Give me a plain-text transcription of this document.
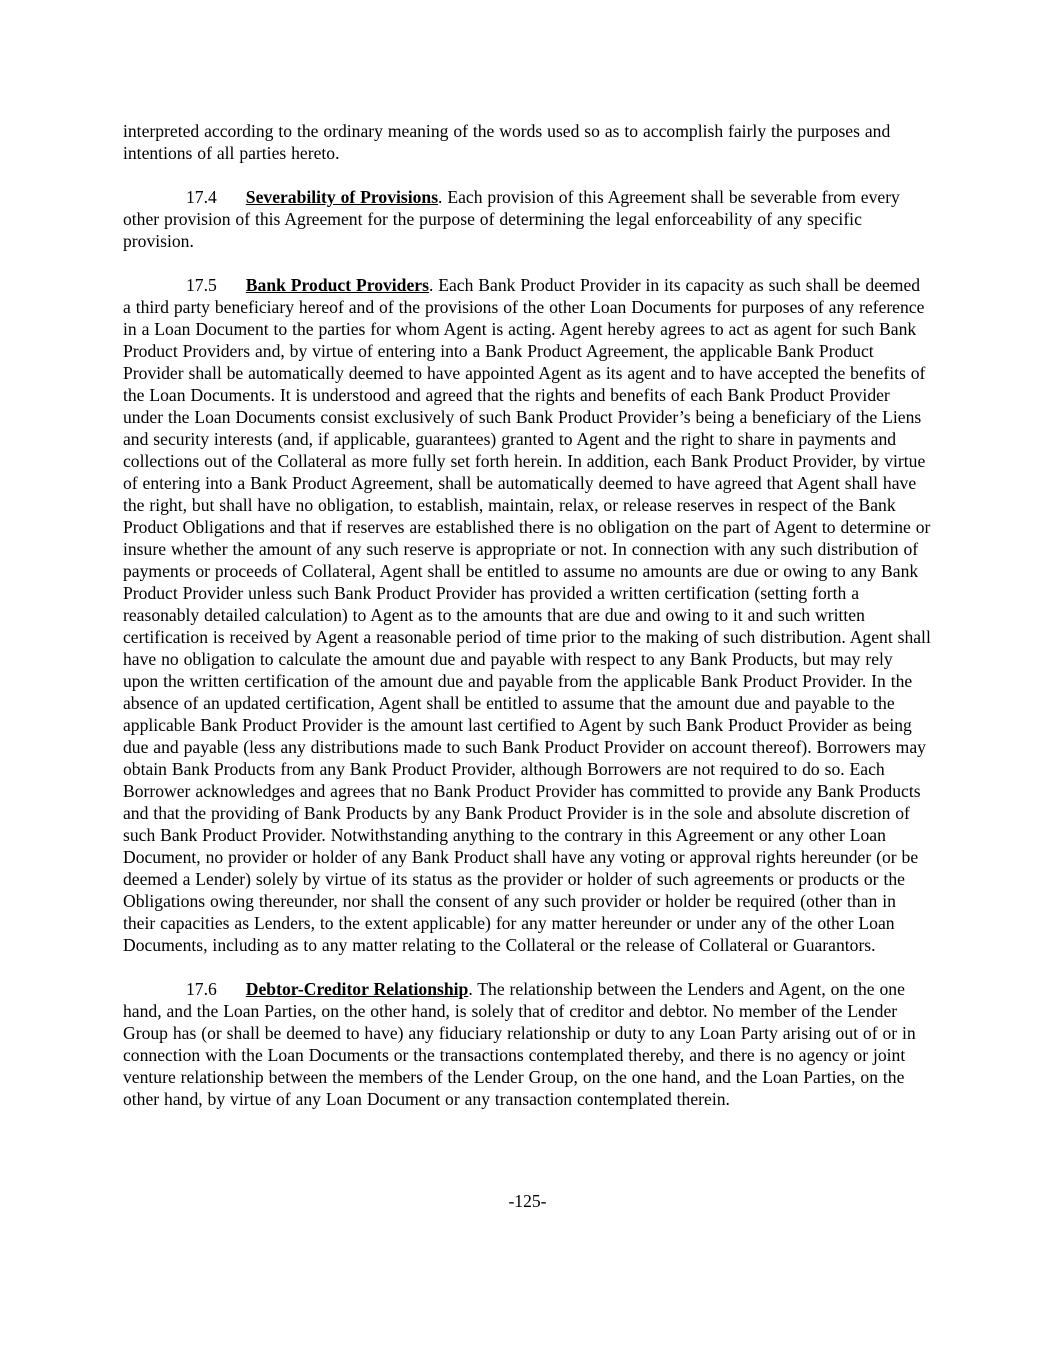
interpreted according to the ordinary meaning of the words used so as to accomplish fairly the purposes and intentions of all parties hereto.

17.4 Severability of Provisions. Each provision of this Agreement shall be severable from every other provision of this Agreement for the purpose of determining the legal enforceability of any specific provision.

17.5 Bank Product Providers. Each Bank Product Provider in its capacity as such shall be deemed a third party beneficiary hereof and of the provisions of the other Loan Documents for purposes of any reference in a Loan Document to the parties for whom Agent is acting. Agent hereby agrees to act as agent for such Bank Product Providers and, by virtue of entering into a Bank Product Agreement, the applicable Bank Product Provider shall be automatically deemed to have appointed Agent as its agent and to have accepted the benefits of the Loan Documents. It is understood and agreed that the rights and benefits of each Bank Product Provider under the Loan Documents consist exclusively of such Bank Product Provider’s being a beneficiary of the Liens and security interests (and, if applicable, guarantees) granted to Agent and the right to share in payments and collections out of the Collateral as more fully set forth herein. In addition, each Bank Product Provider, by virtue of entering into a Bank Product Agreement, shall be automatically deemed to have agreed that Agent shall have the right, but shall have no obligation, to establish, maintain, relax, or release reserves in respect of the Bank Product Obligations and that if reserves are established there is no obligation on the part of Agent to determine or insure whether the amount of any such reserve is appropriate or not. In connection with any such distribution of payments or proceeds of Collateral, Agent shall be entitled to assume no amounts are due or owing to any Bank Product Provider unless such Bank Product Provider has provided a written certification (setting forth a reasonably detailed calculation) to Agent as to the amounts that are due and owing to it and such written certification is received by Agent a reasonable period of time prior to the making of such distribution. Agent shall have no obligation to calculate the amount due and payable with respect to any Bank Products, but may rely upon the written certification of the amount due and payable from the applicable Bank Product Provider. In the absence of an updated certification, Agent shall be entitled to assume that the amount due and payable to the applicable Bank Product Provider is the amount last certified to Agent by such Bank Product Provider as being due and payable (less any distributions made to such Bank Product Provider on account thereof). Borrowers may obtain Bank Products from any Bank Product Provider, although Borrowers are not required to do so. Each Borrower acknowledges and agrees that no Bank Product Provider has committed to provide any Bank Products and that the providing of Bank Products by any Bank Product Provider is in the sole and absolute discretion of such Bank Product Provider. Notwithstanding anything to the contrary in this Agreement or any other Loan Document, no provider or holder of any Bank Product shall have any voting or approval rights hereunder (or be deemed a Lender) solely by virtue of its status as the provider or holder of such agreements or products or the Obligations owing thereunder, nor shall the consent of any such provider or holder be required (other than in their capacities as Lenders, to the extent applicable) for any matter hereunder or under any of the other Loan Documents, including as to any matter relating to the Collateral or the release of Collateral or Guarantors.

17.6 Debtor-Creditor Relationship. The relationship between the Lenders and Agent, on the one hand, and the Loan Parties, on the other hand, is solely that of creditor and debtor. No member of the Lender Group has (or shall be deemed to have) any fiduciary relationship or duty to any Loan Party arising out of or in connection with the Loan Documents or the transactions contemplated thereby, and there is no agency or joint venture relationship between the members of the Lender Group, on the one hand, and the Loan Parties, on the other hand, by virtue of any Loan Document or any transaction contemplated therein.

-125-
